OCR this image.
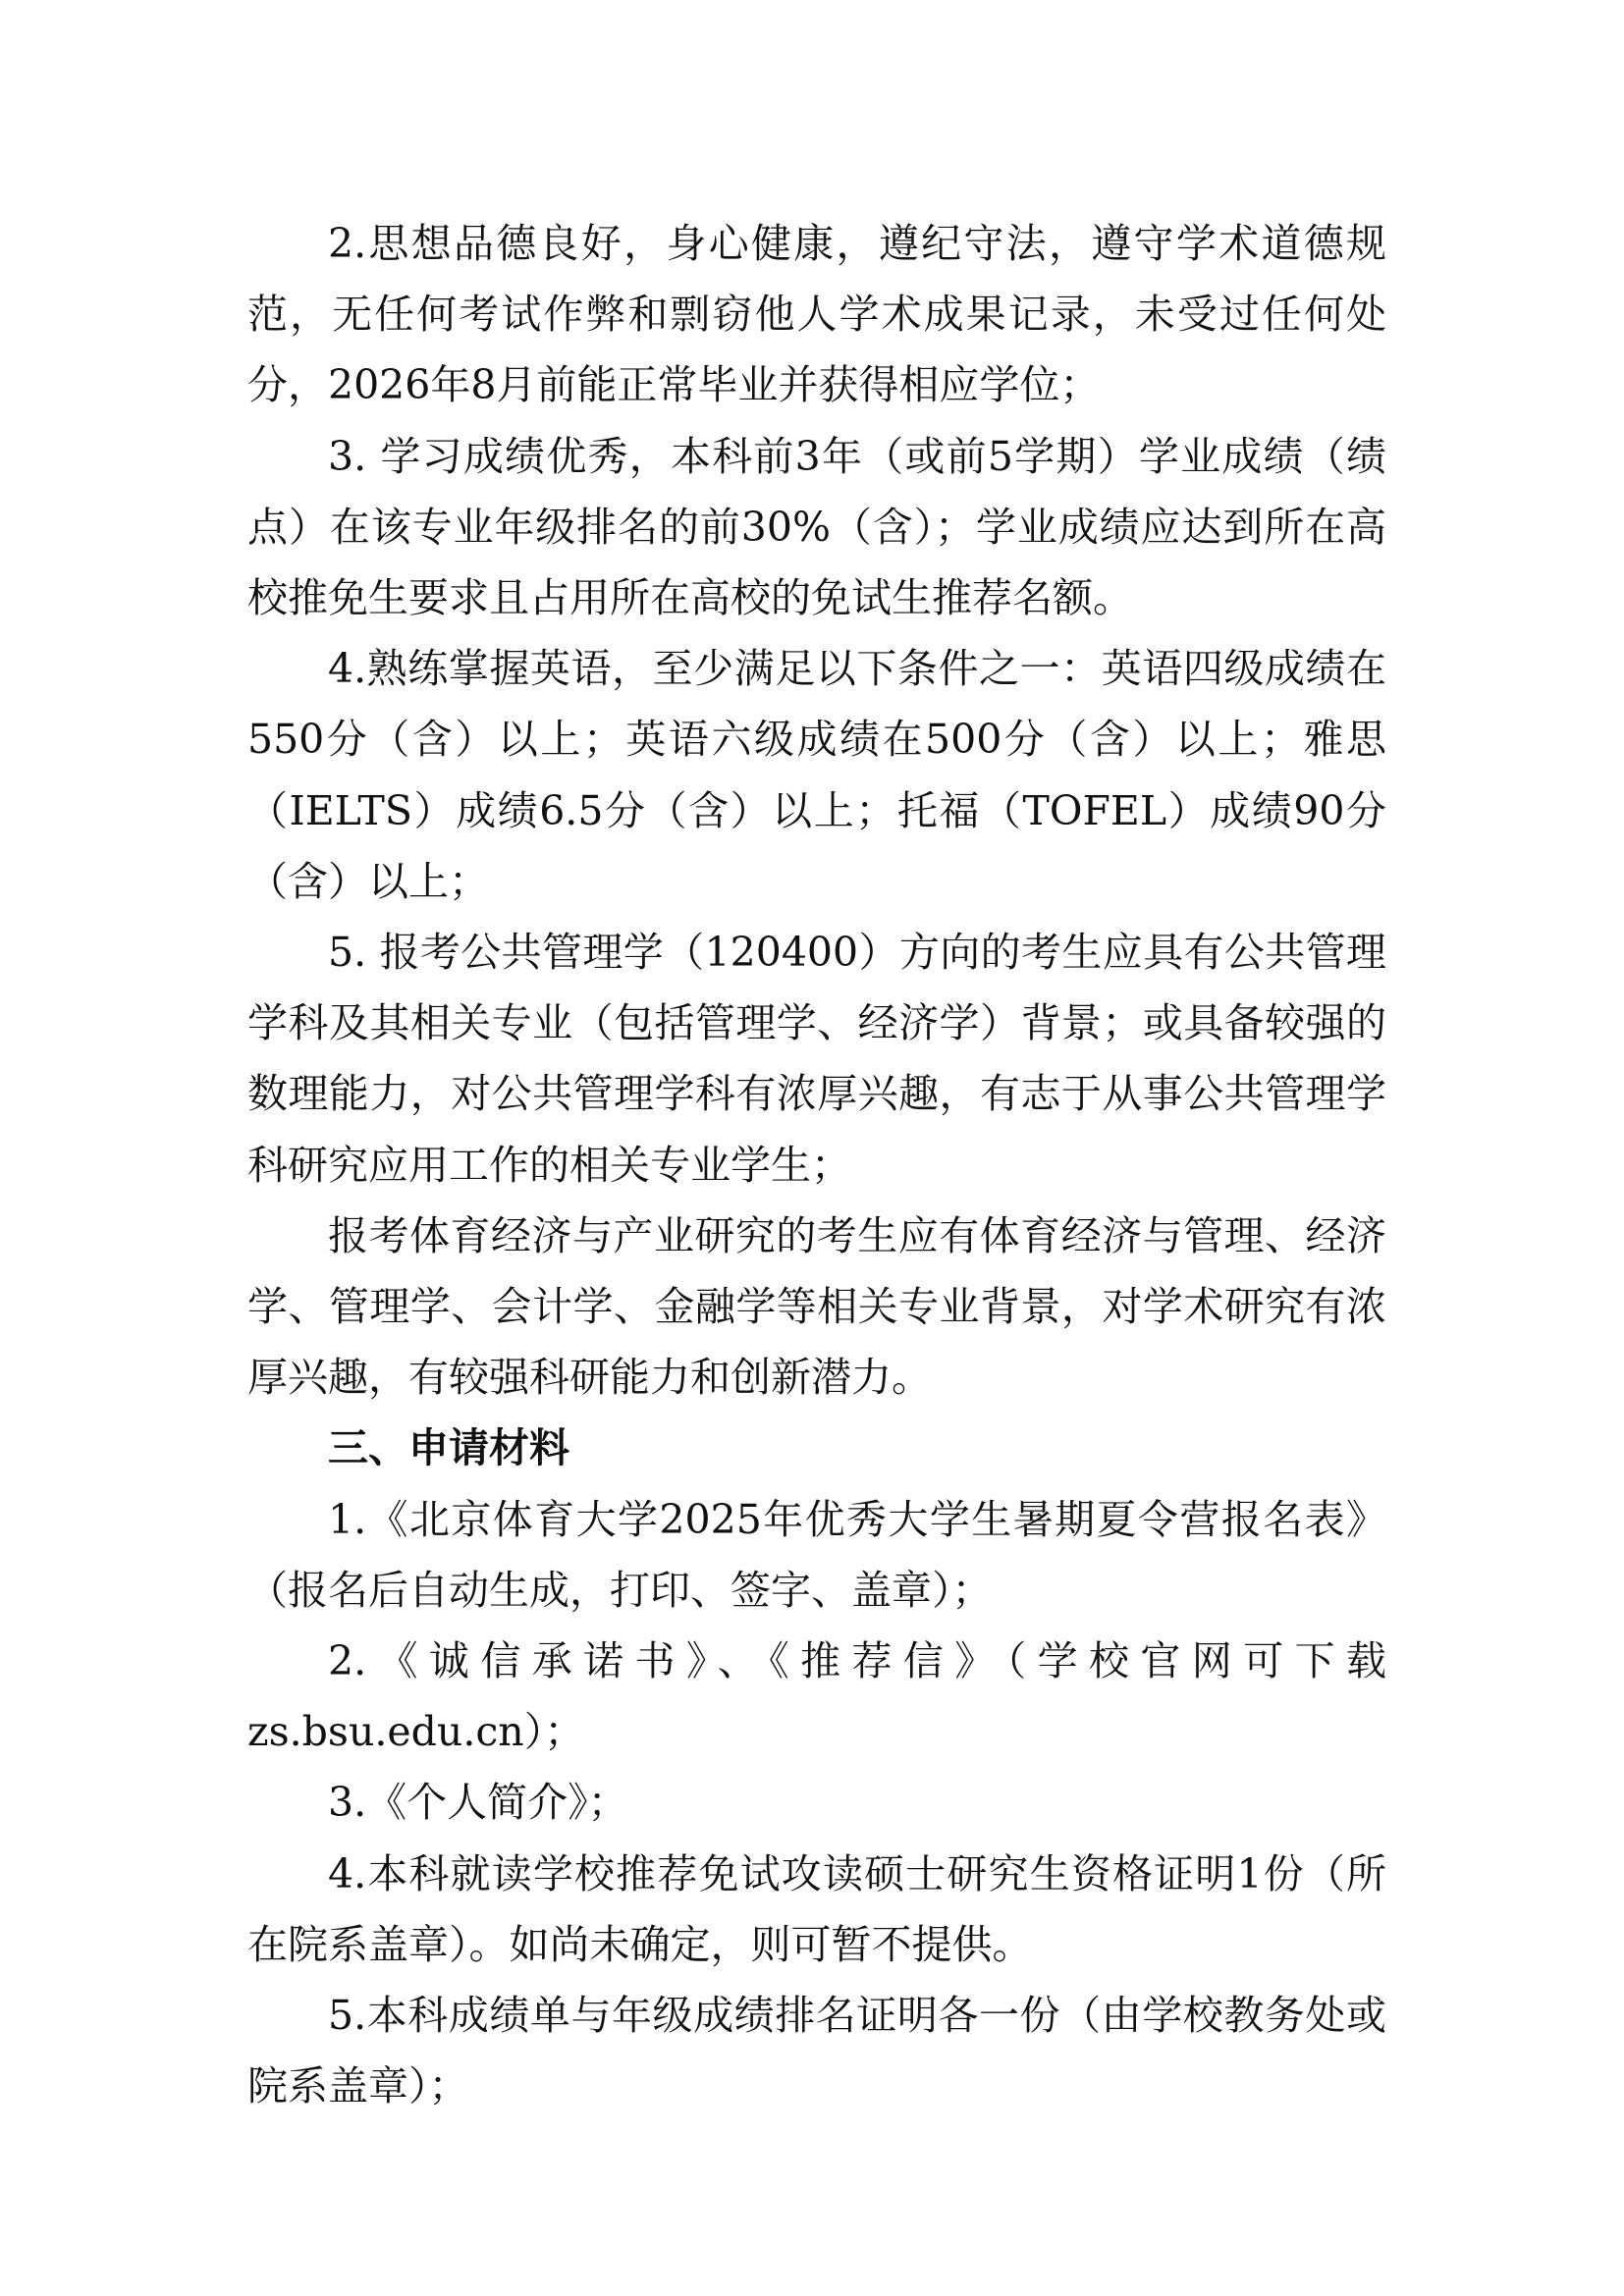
2.思想品德良好，身心健康，遵纪守法，遵守学术道德规范，无任何考试作弊和剽窃他人学术成果记录，未受过任何处分，2026年8月前能正常毕业并获得相应学位；

3. 学习成绩优秀，本科前3年（或前5学期）学业成绩（绩点）在该专业年级排名的前30%（含）；学业成绩应达到所在高校推免生要求且占用所在高校的免试生推荐名额。

4.熟练掌握英语，至少满足以下条件之一：英语四级成绩在550分（含）以上；英语六级成绩在500分（含）以上；雅思（IELTS）成绩6.5分（含）以上；托福（TOFEL）成绩90分（含）以上；

5. 报考公共管理学（120400）方向的考生应具有公共管理学科及其相关专业（包括管理学、经济学）背景；或具备较强的数理能力，对公共管理学科有浓厚兴趣，有志于从事公共管理学科研究应用工作的相关专业学生；

报考体育经济与产业研究的考生应有体育经济与管理、经济学、管理学、会计学、金融学等相关专业背景，对学术研究有浓厚兴趣，有较强科研能力和创新潜力。

三、申请材料

1.《北京体育大学2025年优秀大学生暑期夏令营报名表》（报名后自动生成，打印、签字、盖章）；

2.《诚信承诺书》、《推荐信》（学校官网可下载zs.bsu.edu.cn）；

3.《个人简介》；

4.本科就读学校推荐免试攻读硕士研究生资格证明1份（所在院系盖章）。如尚未确定，则可暂不提供。

5.本科成绩单与年级成绩排名证明各一份（由学校教务处或院系盖章）；
